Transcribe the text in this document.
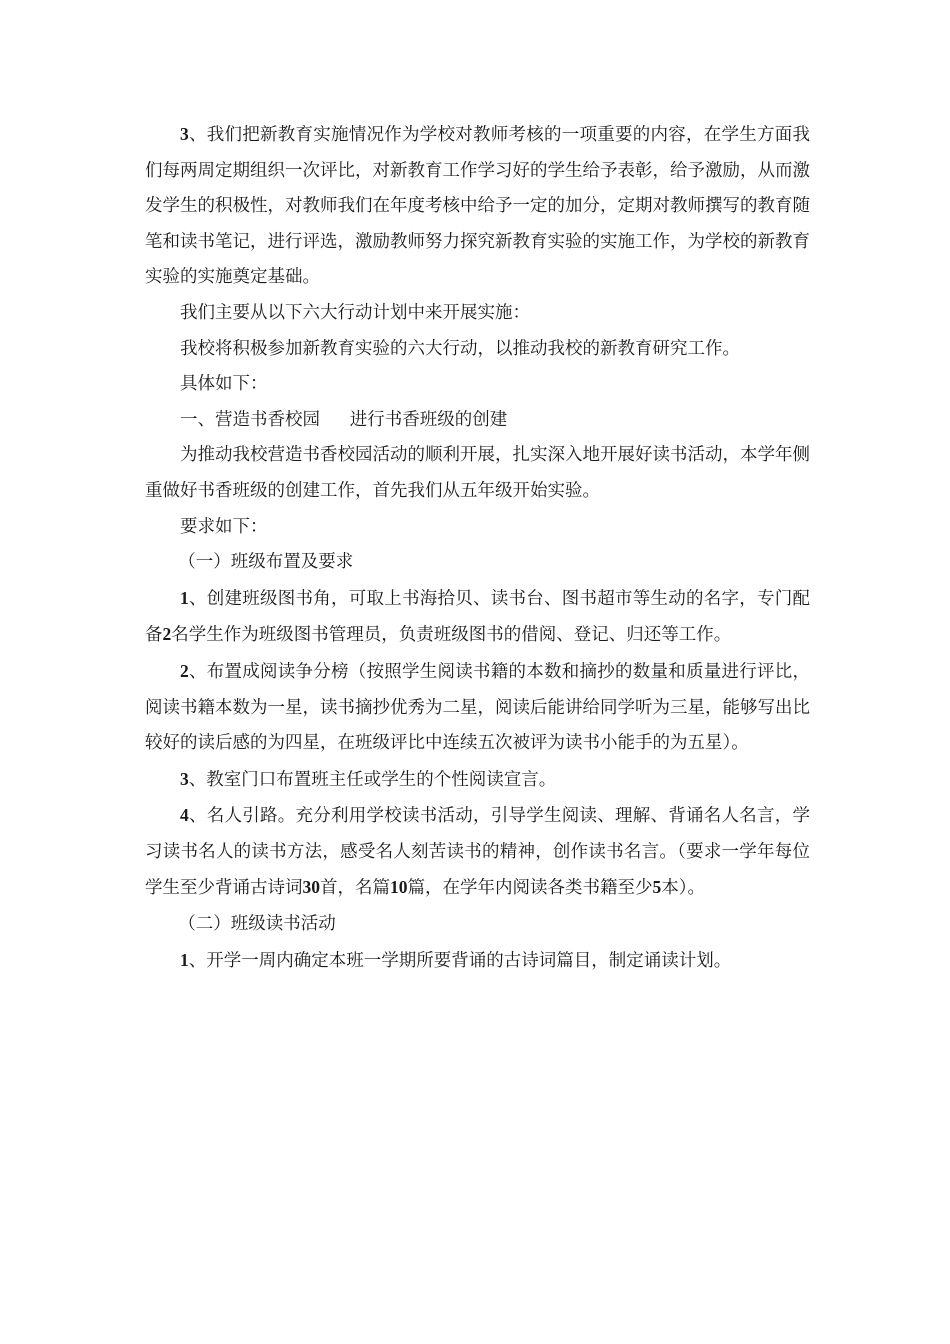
3、我们把新教育实施情况作为学校对教师考核的一项重要的内容，在学生方面我们每两周定期组织一次评比，对新教育工作学习好的学生给予表彰，给予激励，从而激发学生的积极性，对教师我们在年度考核中给予一定的加分，定期对教师撰写的教育随笔和读书笔记，进行评选，激励教师努力探究新教育实验的实施工作，为学校的新教育实验的实施奠定基础。

我们主要从以下六大行动计划中来开展实施：

我校将积极参加新教育实验的六大行动，以推动我校的新教育研究工作。

具体如下：

一、营造书香校园 进行书香班级的创建

为推动我校营造书香校园活动的顺利开展，扎实深入地开展好读书活动，本学年侧重做好书香班级的创建工作，首先我们从五年级开始实验。

要求如下：

（一）班级布置及要求

1、创建班级图书角，可取上书海拾贝、读书台、图书超市等生动的名字，专门配备2名学生作为班级图书管理员，负责班级图书的借阅、登记、归还等工作。

2、布置成阅读争分榜（按照学生阅读书籍的本数和摘抄的数量和质量进行评比，阅读书籍本数为一星，读书摘抄优秀为二星，阅读后能讲给同学听为三星，能够写出比较好的读后感的为四星，在班级评比中连续五次被评为读书小能手的为五星）。

3、教室门口布置班主任或学生的个性阅读宣言。

4、名人引路。充分利用学校读书活动，引导学生阅读、理解、背诵名人名言，学习读书名人的读书方法，感受名人刻苦读书的精神，创作读书名言。（要求一学年每位学生至少背诵古诗词30首，名篇10篇，在学年内阅读各类书籍至少5本）。

（二）班级读书活动

1、开学一周内确定本班一学期所要背诵的古诗词篇目，制定诵读计划。
